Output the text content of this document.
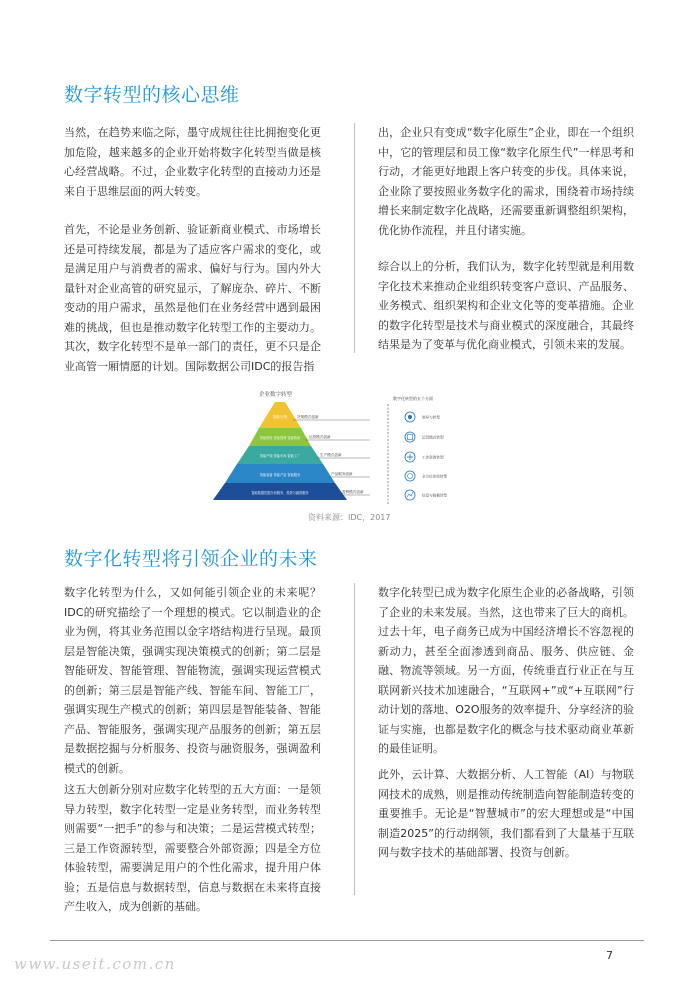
数字转型的核心思维

当然，在趋势来临之际，墨守成规往往比拥抱变化更加危险，越来越多的企业开始将数字化转型当做是核心经营战略。不过，企业数字化转型的直接动力还是来自于思维层面的两大转变。

首先，不论是业务创新、验证新商业模式、市场增长还是可持续发展，都是为了适应客户需求的变化，或是满足用户与消费者的需求、偏好与行为。国内外大量针对企业高管的研究显示，了解庞杂、碎片、不断变动的用户需求，虽然是他们在业务经营中遇到最困难的挑战，但也是推动数字化转型工作的主要动力。其次，数字化转型不是单一部门的责任，更不只是企业高管一厢情愿的计划。国际数据公司IDC的报告指

出，企业只有变成“数字化原生”企业，即在一个组织中，它的管理层和员工像“数字化原生代”一样思考和行动，才能更好地跟上客户转变的步伐。具体来说，企业除了要按照业务数字化的需求，围绕着市场持续增长来制定数字化战略，还需要重新调整组织架构，优化协作流程，并且付诸实施。

综合以上的分析，我们认为，数字化转型就是利用数字化技术来推动企业组织转变客户意识、产品服务、业务模式、组织架构和企业文化等的变革措施。企业的数字化转型是技术与商业模式的深度融合，其最终结果是为了变革与优化商业模式，引领未来的发展。

企业数字转型
智能决策
智能研发 智能管理 智能物流
智能产线 智能车间 智能工厂
智能装备 智能产品 智能服务
智能数据挖掘分析服务、投资与融资服务
决策模式创新
运营模式创新
生产模式创新
产品服务创新
盈利模式创新
数字化转型的五个方面
领导力转型
运营模式转型
工作资源转型
全方位体验转型
信息与数据转型
资料来源：IDC，2017
数字化转型将引领企业的未来

数字化转型为什么，又如何能引领企业的未来呢？IDC的研究描绘了一个理想的模式。它以制造业的企业为例，将其业务范围以金字塔结构进行呈现。最顶层是智能决策，强调实现决策模式的创新；第二层是智能研发、智能管理、智能物流，强调实现运营模式的创新；第三层是智能产线、智能车间、智能工厂，强调实现生产模式的创新；第四层是智能装备、智能产品、智能服务，强调实现产品服务的创新；第五层是数据挖掘与分析服务、投资与融资服务，强调盈利模式的创新。

这五大创新分别对应数字化转型的五大方面：一是领导力转型，数字化转型一定是业务转型，而业务转型则需要“一把手”的参与和决策；二是运营模式转型；三是工作资源转型，需要整合外部资源；四是全方位体验转型，需要满足用户的个性化需求，提升用户体验；五是信息与数据转型，信息与数据在未来将直接产生收入，成为创新的基础。

数字化转型已成为数字化原生企业的必备战略，引领了企业的未来发展。当然，这也带来了巨大的商机。过去十年，电子商务已成为中国经济增长不容忽视的新动力，甚至全面渗透到商品、服务、供应链、金融、物流等领域。另一方面，传统垂直行业正在与互联网新兴技术加速融合，“互联网+”或“+互联网”行动计划的落地、O2O服务的效率提升、分享经济的验证与实施，也都是数字化的概念与技术驱动商业革新的最佳证明。

此外，云计算、大数据分析、人工智能（AI）与物联网技术的成熟，则是推动传统制造向智能制造转变的重要推手。无论是“智慧城市”的宏大理想或是“中国制造2025”的行动纲领，我们都看到了大量基于互联网与数字技术的基础部署、投资与创新。

7
www.useit.com.cn
